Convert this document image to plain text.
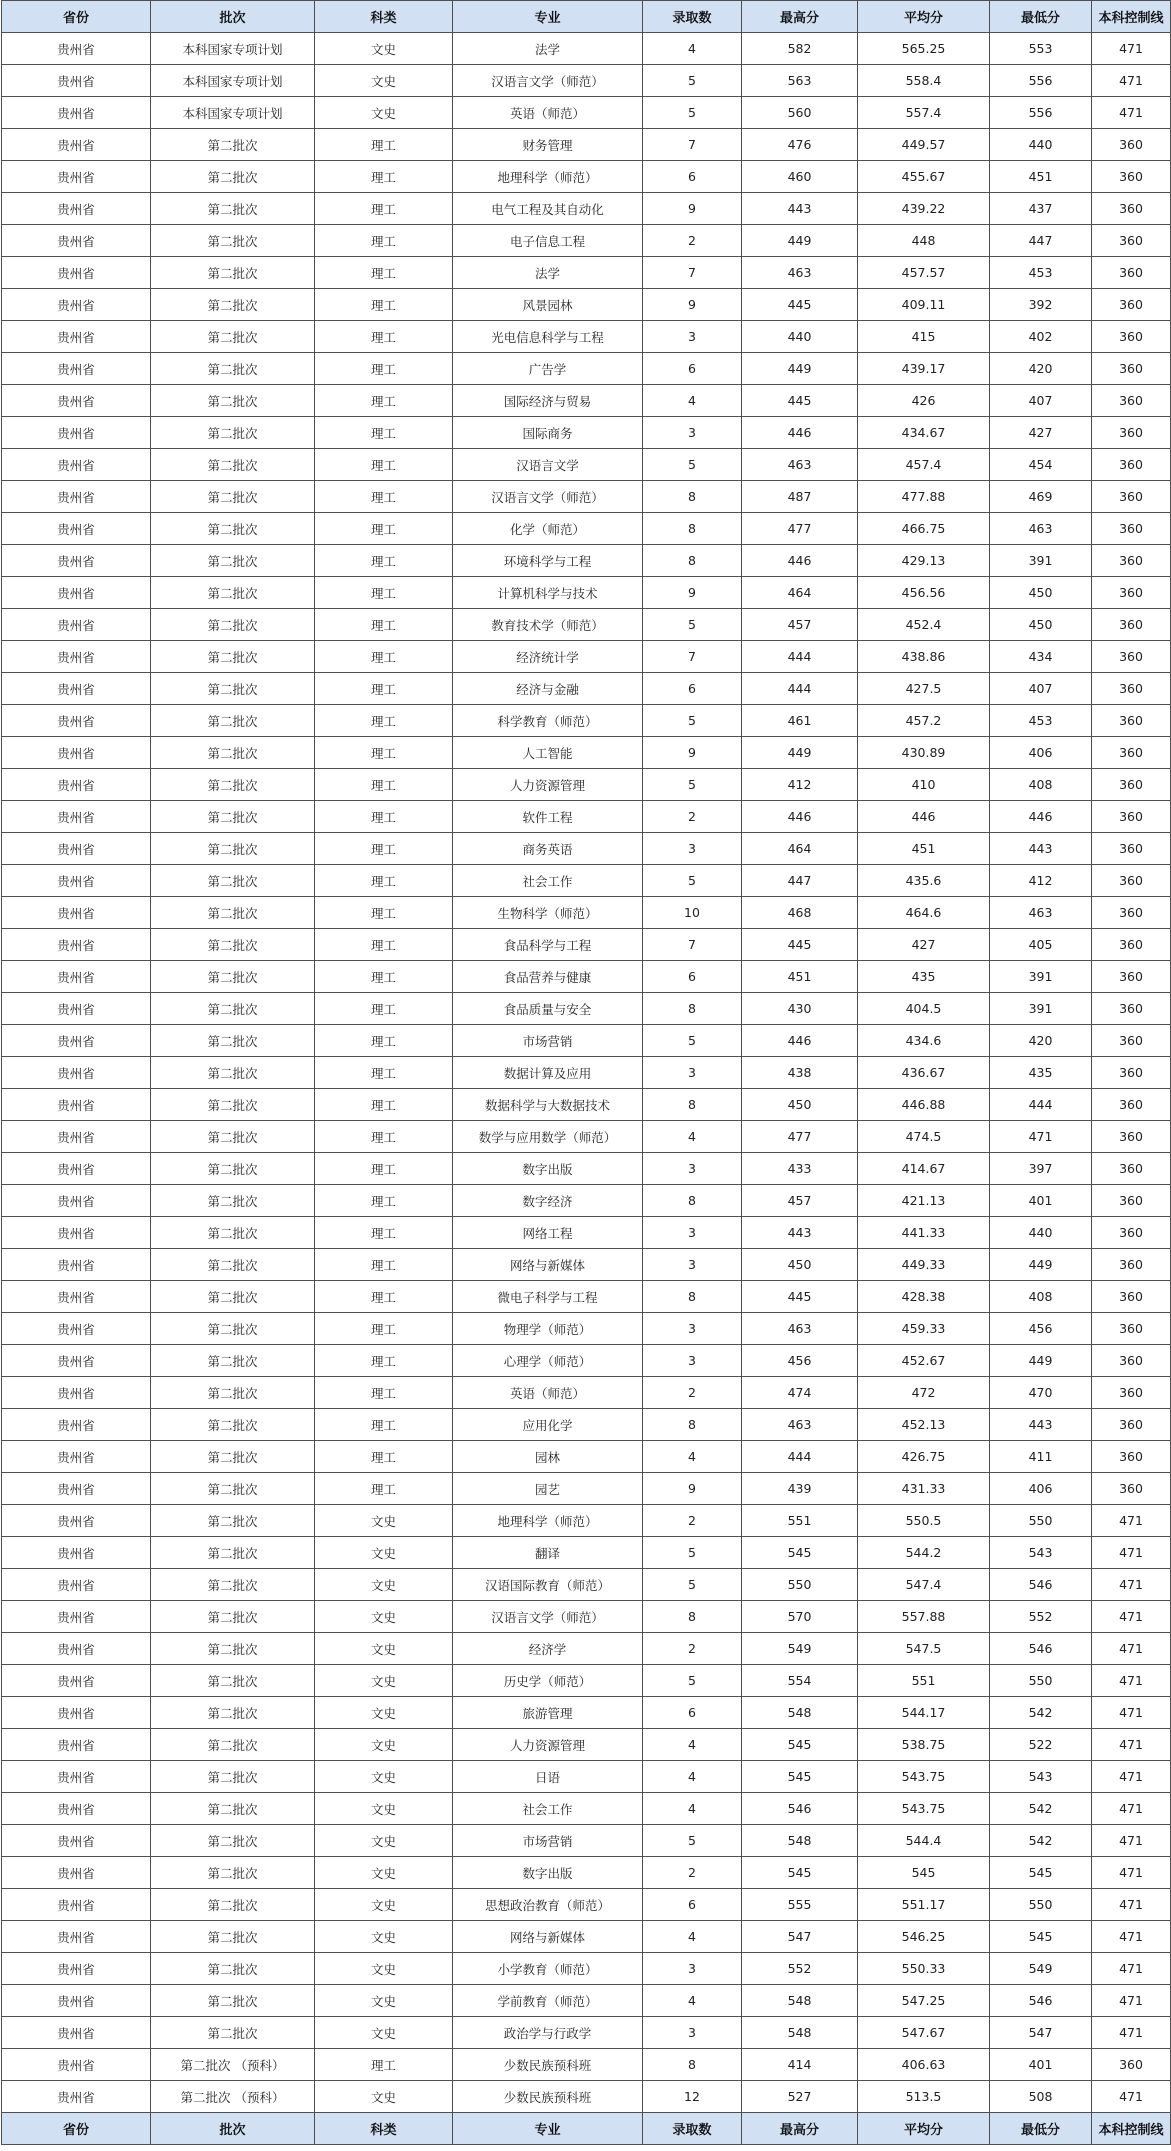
省份	批次	科类	专业	录取数	最高分	平均分	最低分	本科控制线
贵州省	本科国家专项计划	文史	法学	4	582	565.25	553	471
贵州省	本科国家专项计划	文史	汉语言文学（师范）	5	563	558.4	556	471
贵州省	本科国家专项计划	文史	英语（师范）	5	560	557.4	556	471
贵州省	第二批次	理工	财务管理	7	476	449.57	440	360
贵州省	第二批次	理工	地理科学（师范）	6	460	455.67	451	360
贵州省	第二批次	理工	电气工程及其自动化	9	443	439.22	437	360
贵州省	第二批次	理工	电子信息工程	2	449	448	447	360
贵州省	第二批次	理工	法学	7	463	457.57	453	360
贵州省	第二批次	理工	风景园林	9	445	409.11	392	360
贵州省	第二批次	理工	光电信息科学与工程	3	440	415	402	360
贵州省	第二批次	理工	广告学	6	449	439.17	420	360
贵州省	第二批次	理工	国际经济与贸易	4	445	426	407	360
贵州省	第二批次	理工	国际商务	3	446	434.67	427	360
贵州省	第二批次	理工	汉语言文学	5	463	457.4	454	360
贵州省	第二批次	理工	汉语言文学（师范）	8	487	477.88	469	360
贵州省	第二批次	理工	化学（师范）	8	477	466.75	463	360
贵州省	第二批次	理工	环境科学与工程	8	446	429.13	391	360
贵州省	第二批次	理工	计算机科学与技术	9	464	456.56	450	360
贵州省	第二批次	理工	教育技术学（师范）	5	457	452.4	450	360
贵州省	第二批次	理工	经济统计学	7	444	438.86	434	360
贵州省	第二批次	理工	经济与金融	6	444	427.5	407	360
贵州省	第二批次	理工	科学教育（师范）	5	461	457.2	453	360
贵州省	第二批次	理工	人工智能	9	449	430.89	406	360
贵州省	第二批次	理工	人力资源管理	5	412	410	408	360
贵州省	第二批次	理工	软件工程	2	446	446	446	360
贵州省	第二批次	理工	商务英语	3	464	451	443	360
贵州省	第二批次	理工	社会工作	5	447	435.6	412	360
贵州省	第二批次	理工	生物科学（师范）	10	468	464.6	463	360
贵州省	第二批次	理工	食品科学与工程	7	445	427	405	360
贵州省	第二批次	理工	食品营养与健康	6	451	435	391	360
贵州省	第二批次	理工	食品质量与安全	8	430	404.5	391	360
贵州省	第二批次	理工	市场营销	5	446	434.6	420	360
贵州省	第二批次	理工	数据计算及应用	3	438	436.67	435	360
贵州省	第二批次	理工	数据科学与大数据技术	8	450	446.88	444	360
贵州省	第二批次	理工	数学与应用数学（师范）	4	477	474.5	471	360
贵州省	第二批次	理工	数字出版	3	433	414.67	397	360
贵州省	第二批次	理工	数字经济	8	457	421.13	401	360
贵州省	第二批次	理工	网络工程	3	443	441.33	440	360
贵州省	第二批次	理工	网络与新媒体	3	450	449.33	449	360
贵州省	第二批次	理工	微电子科学与工程	8	445	428.38	408	360
贵州省	第二批次	理工	物理学（师范）	3	463	459.33	456	360
贵州省	第二批次	理工	心理学（师范）	3	456	452.67	449	360
贵州省	第二批次	理工	英语（师范）	2	474	472	470	360
贵州省	第二批次	理工	应用化学	8	463	452.13	443	360
贵州省	第二批次	理工	园林	4	444	426.75	411	360
贵州省	第二批次	理工	园艺	9	439	431.33	406	360
贵州省	第二批次	文史	地理科学（师范）	2	551	550.5	550	471
贵州省	第二批次	文史	翻译	5	545	544.2	543	471
贵州省	第二批次	文史	汉语国际教育（师范）	5	550	547.4	546	471
贵州省	第二批次	文史	汉语言文学（师范）	8	570	557.88	552	471
贵州省	第二批次	文史	经济学	2	549	547.5	546	471
贵州省	第二批次	文史	历史学（师范）	5	554	551	550	471
贵州省	第二批次	文史	旅游管理	6	548	544.17	542	471
贵州省	第二批次	文史	人力资源管理	4	545	538.75	522	471
贵州省	第二批次	文史	日语	4	545	543.75	543	471
贵州省	第二批次	文史	社会工作	4	546	543.75	542	471
贵州省	第二批次	文史	市场营销	5	548	544.4	542	471
贵州省	第二批次	文史	数字出版	2	545	545	545	471
贵州省	第二批次	文史	思想政治教育（师范）	6	555	551.17	550	471
贵州省	第二批次	文史	网络与新媒体	4	547	546.25	545	471
贵州省	第二批次	文史	小学教育（师范）	3	552	550.33	549	471
贵州省	第二批次	文史	学前教育（师范）	4	548	547.25	546	471
贵州省	第二批次	文史	政治学与行政学	3	548	547.67	547	471
贵州省	第二批次 （预科）	理工	少数民族预科班	8	414	406.63	401	360
贵州省	第二批次 （预科）	文史	少数民族预科班	12	527	513.5	508	471
省份	批次	科类	专业	录取数	最高分	平均分	最低分	本科控制线
